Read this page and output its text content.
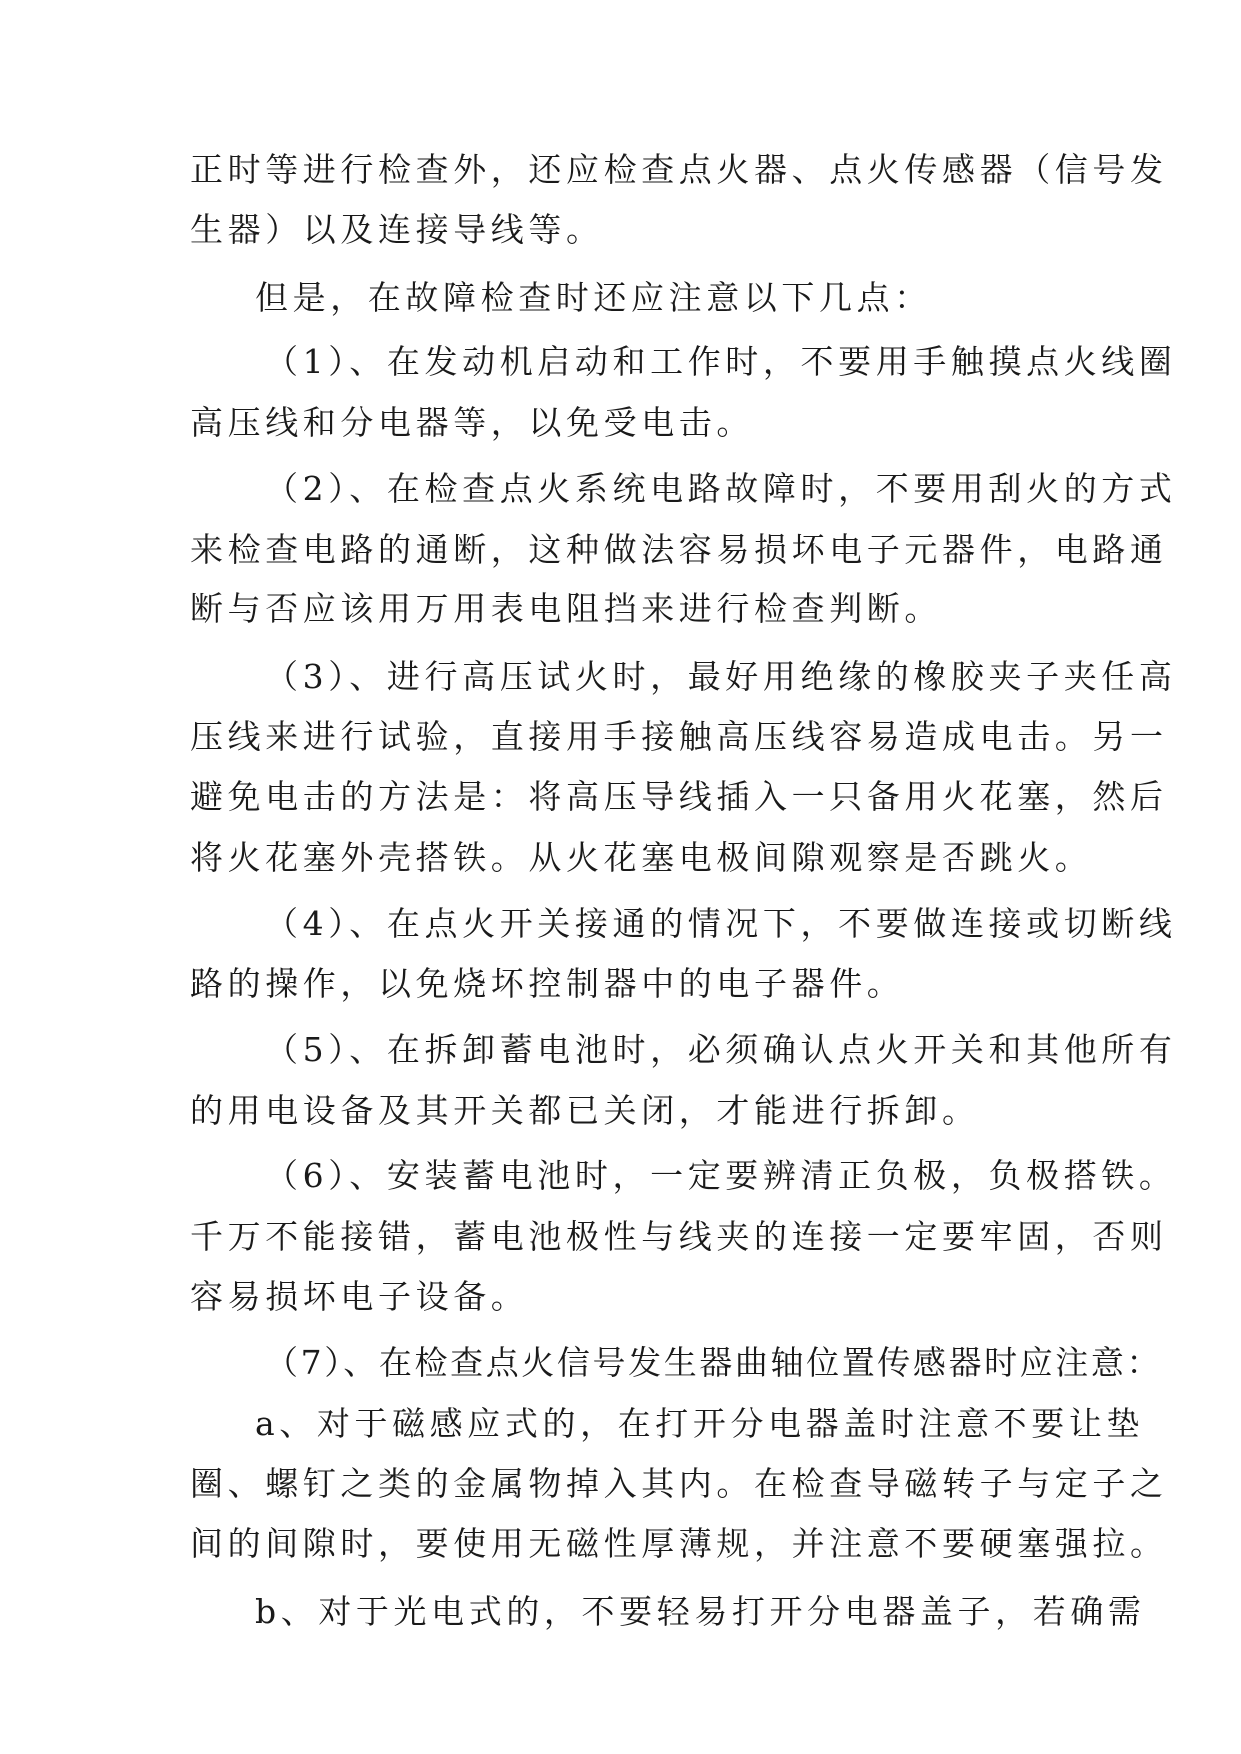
正时等进行检查外，还应检查点火器、点火传感器（信号发
生器）以及连接导线等。
但是，在故障检查时还应注意以下几点：
（1）、在发动机启动和工作时，不要用手触摸点火线圈
高压线和分电器等，以免受电击。
（2）、在检查点火系统电路故障时，不要用刮火的方式
来检查电路的通断，这种做法容易损坏电子元器件，电路通
断与否应该用万用表电阻挡来进行检查判断。
（3）、进行高压试火时，最好用绝缘的橡胶夹子夹任高
压线来进行试验，直接用手接触高压线容易造成电击。另一
避免电击的方法是：将高压导线插入一只备用火花塞，然后
将火花塞外壳搭铁。从火花塞电极间隙观察是否跳火。
（4）、在点火开关接通的情况下，不要做连接或切断线
路的操作，以免烧坏控制器中的电子器件。
（5）、在拆卸蓄电池时，必须确认点火开关和其他所有
的用电设备及其开关都已关闭，才能进行拆卸。
（6）、安装蓄电池时，一定要辨清正负极，负极搭铁。
千万不能接错，蓄电池极性与线夹的连接一定要牢固，否则
容易损坏电子设备。
（7）、在检查点火信号发生器曲轴位置传感器时应注意：
a、对于磁感应式的，在打开分电器盖时注意不要让垫
圈、螺钉之类的金属物掉入其内。在检查导磁转子与定子之
间的间隙时，要使用无磁性厚薄规，并注意不要硬塞强拉。
b、对于光电式的，不要轻易打开分电器盖子，若确需
